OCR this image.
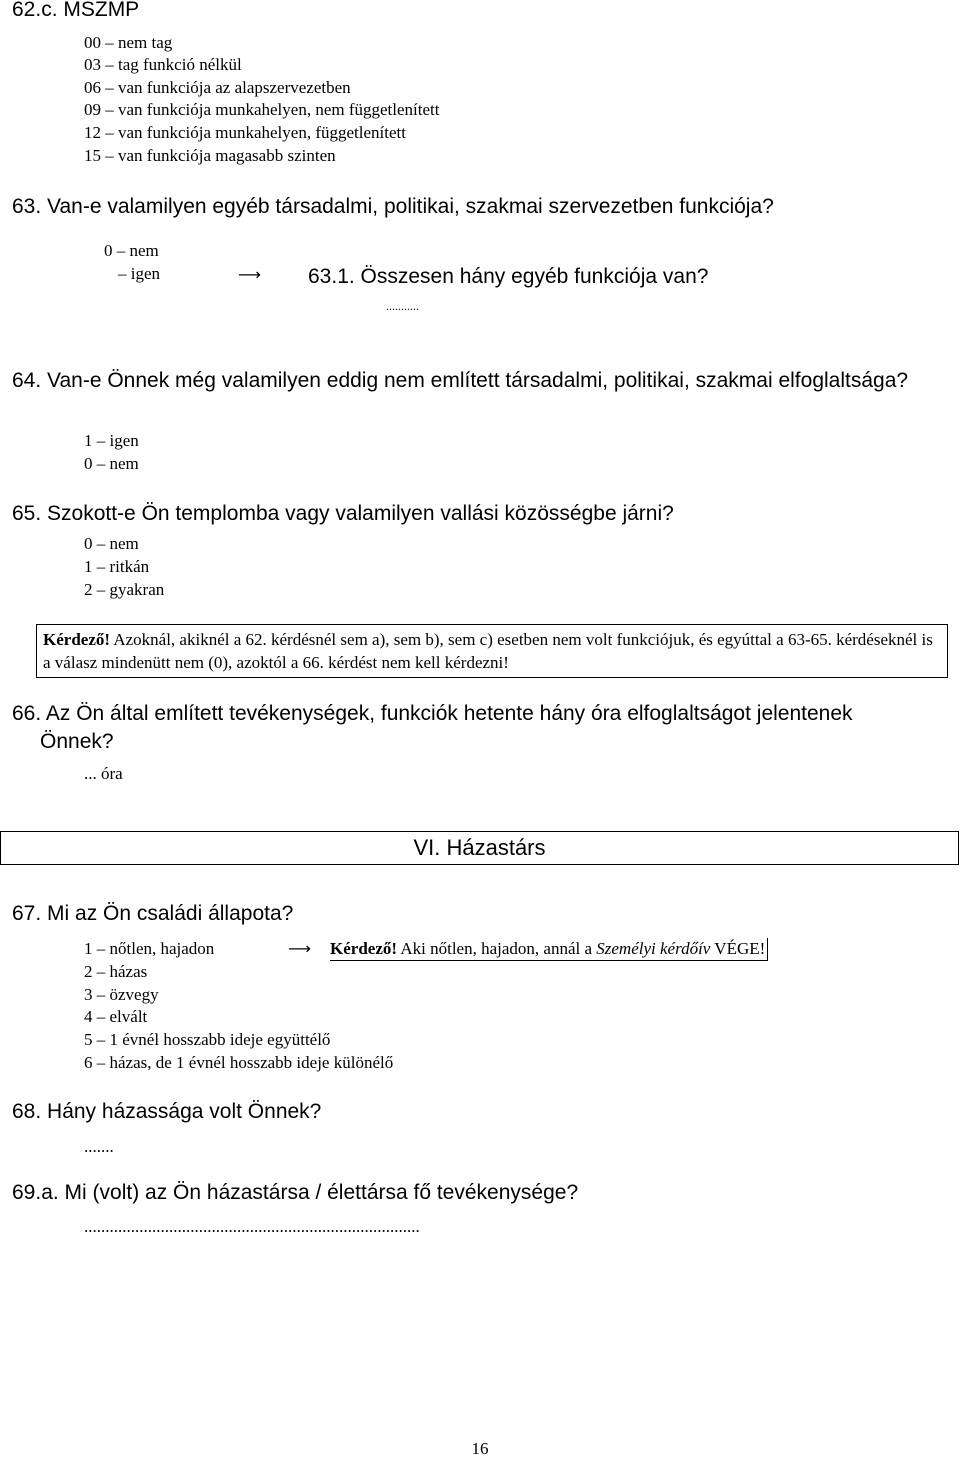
62.c. MSZMP
00 – nem tag
03 – tag funkció nélkül
06 – van funkciója az alapszervezetben
09 – van funkciója munkahelyen, nem függetlenített
12 – van funkciója munkahelyen, függetlenített
15 – van funkciója magasabb szinten
63. Van-e valamilyen egyéb társadalmi, politikai, szakmai szervezetben funkciója?
0 – nem
– igen	⟶ 63.1. Összesen hány egyéb funkciója van?
...........
64. Van-e Önnek még valamilyen eddig nem említett társadalmi, politikai, szakmai elfoglaltsága?
1 – igen
0 – nem
65. Szokott-e Ön templomba vagy valamilyen vallási közösségbe járni?
0 – nem
1 – ritkán
2 – gyakran
Kérdező! Azoknál, akiknél a 62. kérdésnél sem a), sem b), sem c) esetben nem volt funkciójuk, és egyúttal a 63-65. kérdéseknél is a válasz mindenütt nem (0), azoktól a 66. kérdést nem kell kérdezni!
66. Az Ön által említett tevékenységek, funkciók hetente hány óra elfoglaltságot jelentenek Önnek?
... óra
VI. Házastárs
67. Mi az Ön családi állapota?
1 – nőtlen, hajadon	⟶ Kérdező! Aki nőtlen, hajadon, annál a Személyi kérdőív VÉGE!
2 – házas
3 – özvegy
4 – elvált
5 – 1 évnél hosszabb ideje együttélő
6 – házas, de 1 évnél hosszabb ideje különélő
68. Hány házassága volt Önnek?
.......
69.a. Mi (volt) az Ön házastársa / élettársa fő tevékenysége?
...............................................................................
16
